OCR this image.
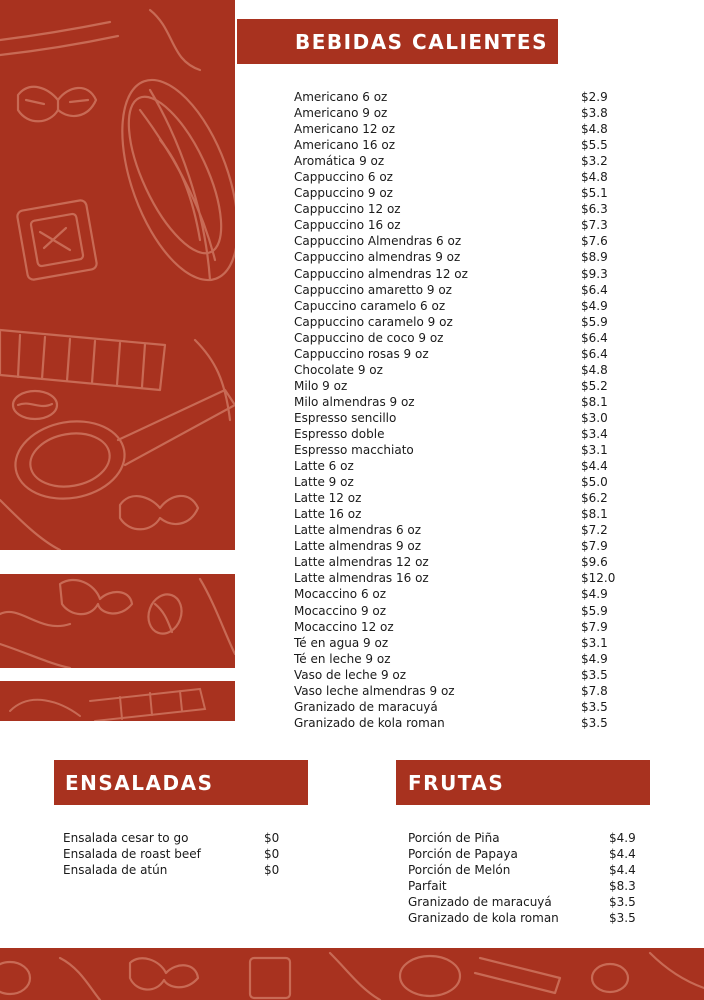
BEBIDAS CALIENTES
Americano 6 oz	$2.9
Americano 9 oz	$3.8
Americano 12 oz	$4.8
Americano 16 oz	$5.5
Aromática 9 oz	$3.2
Cappuccino 6 oz	$4.8
Cappuccino 9 oz	$5.1
Cappuccino 12 oz	$6.3
Cappuccino 16 oz	$7.3
Cappuccino Almendras 6 oz	$7.6
Cappuccino almendras 9 oz	$8.9
Cappuccino almendras 12 oz	$9.3
Cappuccino amaretto 9 oz	$6.4
Capuccino caramelo 6 oz	$4.9
Cappuccino caramelo 9 oz	$5.9
Cappuccino de coco 9 oz	$6.4
Cappuccino rosas 9 oz	$6.4
Chocolate 9 oz	$4.8
Milo 9 oz	$5.2
Milo almendras 9 oz	$8.1
Espresso sencillo	$3.0
Espresso doble	$3.4
Espresso macchiato	$3.1
Latte 6 oz	$4.4
Latte 9 oz	$5.0
Latte 12 oz	$6.2
Latte 16 oz	$8.1
Latte almendras 6 oz	$7.2
Latte almendras 9 oz	$7.9
Latte almendras 12 oz	$9.6
Latte almendras 16 oz	$12.0
Mocaccino 6 oz	$4.9
Mocaccino 9 oz	$5.9
Mocaccino 12 oz	$7.9
Té en agua 9 oz	$3.1
Té en leche 9 oz	$4.9
Vaso de leche 9 oz	$3.5
Vaso leche almendras 9 oz	$7.8
Granizado de maracuyá	$3.5
Granizado de kola roman	$3.5
ENSALADAS
Ensalada cesar to go	$0
Ensalada de roast beef	$0
Ensalada de atún	$0
FRUTAS
Porción de Piña	$4.9
Porción de Papaya	$4.4
Porción de Melón	$4.4
Parfait	$8.3
Granizado de maracuyá	$3.5
Granizado de kola roman	$3.5
